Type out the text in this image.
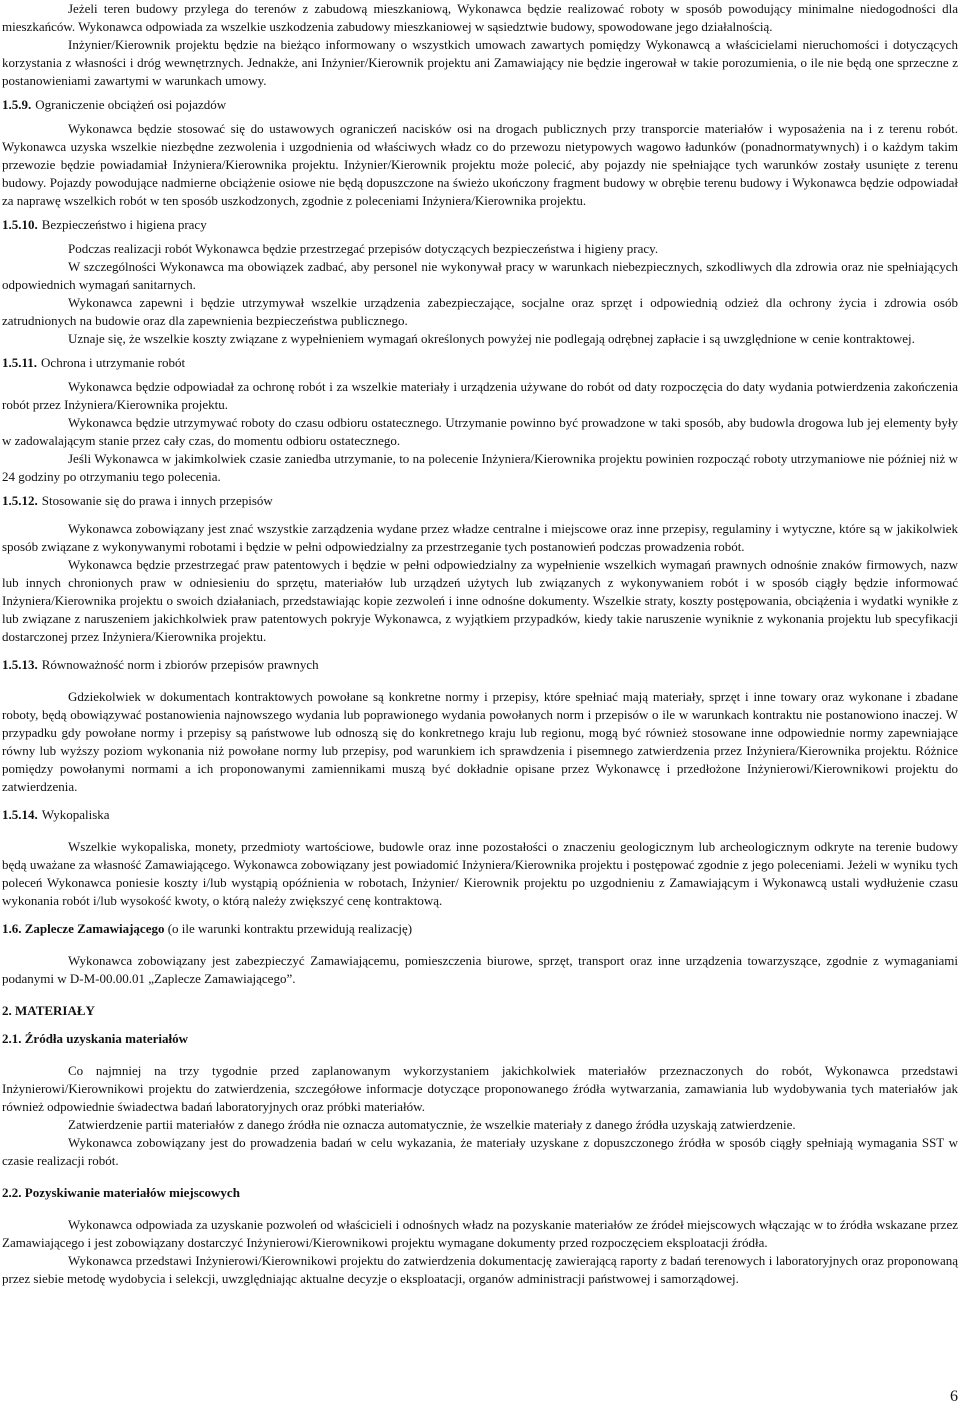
Jeżeli teren budowy przylega do terenów z zabudową mieszkaniową, Wykonawca będzie realizować roboty w sposób powodujący minimalne niedogodności dla mieszkańców. Wykonawca odpowiada za wszelkie uszkodzenia zabudowy mieszkaniowej w sąsiedztwie budowy, spowodowane jego działalnością.

Inżynier/Kierownik projektu będzie na bieżąco informowany o wszystkich umowach zawartych pomiędzy Wykonawcą a właścicielami nieruchomości i dotyczących korzystania z własności i dróg wewnętrznych. Jednakże, ani Inżynier/Kierownik projektu ani Zamawiający nie będzie ingerował w takie porozumienia, o ile nie będą one sprzeczne z postanowieniami zawartymi w warunkach umowy.

1.5.9. Ograniczenie obciążeń osi pojazdów

Wykonawca będzie stosować się do ustawowych ograniczeń nacisków osi na drogach publicznych przy transporcie materiałów i wyposażenia na i z terenu robót. Wykonawca uzyska wszelkie niezbędne zezwolenia i uzgodnienia od właściwych władz co do przewozu nietypowych wagowo ładunków (ponadnormatywnych) i o każdym takim przewozie będzie powiadamiał Inżyniera/Kierownika projektu. Inżynier/Kierownik projektu może polecić, aby pojazdy nie spełniające tych warunków zostały usunięte z terenu budowy. Pojazdy powodujące nadmierne obciążenie osiowe nie będą dopuszczone na świeżo ukończony fragment budowy w obrębie terenu budowy i Wykonawca będzie odpowiadał za naprawę wszelkich robót w ten sposób uszkodzonych, zgodnie z poleceniami Inżyniera/Kierownika projektu.

1.5.10. Bezpieczeństwo i higiena pracy

Podczas realizacji robót Wykonawca będzie przestrzegać przepisów dotyczących bezpieczeństwa i higieny pracy.

W szczególności Wykonawca ma obowiązek zadbać, aby personel nie wykonywał pracy w warunkach niebezpiecznych, szkodliwych dla zdrowia oraz nie spełniających odpowiednich wymagań sanitarnych.

Wykonawca zapewni i będzie utrzymywał wszelkie urządzenia zabezpieczające, socjalne oraz sprzęt i odpowiednią odzież dla ochrony życia i zdrowia osób zatrudnionych na budowie oraz dla zapewnienia bezpieczeństwa publicznego.

Uznaje się, że wszelkie koszty związane z wypełnieniem wymagań określonych powyżej nie podlegają odrębnej zapłacie i są uwzględnione w cenie kontraktowej.

1.5.11. Ochrona i utrzymanie robót

Wykonawca będzie odpowiadał za ochronę robót i za wszelkie materiały i urządzenia używane do robót od daty rozpoczęcia do daty wydania potwierdzenia zakończenia robót przez Inżyniera/Kierownika projektu.

Wykonawca będzie utrzymywać roboty do czasu odbioru ostatecznego. Utrzymanie powinno być prowadzone w taki sposób, aby budowla drogowa lub jej elementy były w zadowalającym stanie przez cały czas, do momentu odbioru ostatecznego.

Jeśli Wykonawca w jakimkolwiek czasie zaniedba utrzymanie, to na polecenie Inżyniera/Kierownika projektu powinien rozpocząć roboty utrzymaniowe nie później niż w 24 godziny po otrzymaniu tego polecenia.

1.5.12. Stosowanie się do prawa i innych przepisów

Wykonawca zobowiązany jest znać wszystkie zarządzenia wydane przez władze centralne i miejscowe oraz inne przepisy, regulaminy i wytyczne, które są w jakikolwiek sposób związane z wykonywanymi robotami i będzie w pełni odpowiedzialny za przestrzeganie tych postanowień podczas prowadzenia robót.

Wykonawca będzie przestrzegać praw patentowych i będzie w pełni odpowiedzialny za wypełnienie wszelkich wymagań prawnych odnośnie znaków firmowych, nazw lub innych chronionych praw w odniesieniu do sprzętu, materiałów lub urządzeń użytych lub związanych z wykonywaniem robót i w sposób ciągły będzie informować Inżyniera/Kierownika projektu o swoich działaniach, przedstawiając kopie zezwoleń i inne odnośne dokumenty. Wszelkie straty, koszty postępowania, obciążenia i wydatki wynikłe z lub związane z naruszeniem jakichkolwiek praw patentowych pokryje Wykonawca, z wyjątkiem przypadków, kiedy takie naruszenie wyniknie z wykonania projektu lub specyfikacji dostarczonej przez Inżyniera/Kierownika projektu.

1.5.13. Równoważność norm i zbiorów przepisów prawnych

Gdziekolwiek w dokumentach kontraktowych powołane są konkretne normy i przepisy, które spełniać mają materiały, sprzęt i inne towary oraz wykonane i zbadane roboty, będą obowiązywać postanowienia najnowszego wydania lub poprawionego wydania powołanych norm i przepisów o ile w warunkach kontraktu nie postanowiono inaczej. W przypadku gdy powołane normy i przepisy są państwowe lub odnoszą się do konkretnego kraju lub regionu, mogą być również stosowane inne odpowiednie normy zapewniające równy lub wyższy poziom wykonania niż powołane normy lub przepisy, pod warunkiem ich sprawdzenia i pisemnego zatwierdzenia przez Inżyniera/Kierownika projektu. Różnice pomiędzy powołanymi normami a ich proponowanymi zamiennikami muszą być dokładnie opisane przez Wykonawcę i przedłożone Inżynierowi/Kierownikowi projektu do zatwierdzenia.

1.5.14. Wykopaliska

Wszelkie wykopaliska, monety, przedmioty wartościowe, budowle oraz inne pozostałości o znaczeniu geologicznym lub archeologicznym odkryte na terenie budowy będą uważane za własność Zamawiającego. Wykonawca zobowiązany jest powiadomić Inżyniera/Kierownika projektu i postępować zgodnie z jego poleceniami. Jeżeli w wyniku tych poleceń Wykonawca poniesie koszty i/lub wystąpią opóźnienia w robotach, Inżynier/ Kierownik projektu po uzgodnieniu z Zamawiającym i Wykonawcą ustali wydłużenie czasu wykonania robót i/lub wysokość kwoty, o którą należy zwiększyć cenę kontraktową.

1.6. Zaplecze Zamawiającego (o ile warunki kontraktu przewidują realizację)

Wykonawca zobowiązany jest zabezpieczyć Zamawiającemu, pomieszczenia biurowe, sprzęt, transport oraz inne urządzenia towarzyszące, zgodnie z wymaganiami podanymi w D-M-00.00.01 „Zaplecze Zamawiającego”.

2. MATERIAŁY

2.1. Źródła uzyskania materiałów

Co najmniej na trzy tygodnie przed zaplanowanym wykorzystaniem jakichkolwiek materiałów przeznaczonych do robót, Wykonawca przedstawi Inżynierowi/Kierownikowi projektu do zatwierdzenia, szczegółowe informacje dotyczące proponowanego źródła wytwarzania, zamawiania lub wydobywania tych materiałów jak również odpowiednie świadectwa badań laboratoryjnych oraz próbki materiałów.

Zatwierdzenie partii materiałów z danego źródła nie oznacza automatycznie, że wszelkie materiały z danego źródła uzyskają zatwierdzenie.

Wykonawca zobowiązany jest do prowadzenia badań w celu wykazania, że materiały uzyskane z dopuszczonego źródła w sposób ciągły spełniają wymagania SST w czasie realizacji robót.

2.2. Pozyskiwanie materiałów miejscowych

Wykonawca odpowiada za uzyskanie pozwoleń od właścicieli i odnośnych władz na pozyskanie materiałów ze źródeł miejscowych włączając w to źródła wskazane przez Zamawiającego i jest zobowiązany dostarczyć Inżynierowi/Kierownikowi projektu wymagane dokumenty przed rozpoczęciem eksploatacji źródła.

Wykonawca przedstawi Inżynierowi/Kierownikowi projektu do zatwierdzenia dokumentację zawierającą raporty z badań terenowych i laboratoryjnych oraz proponowaną przez siebie metodę wydobycia i selekcji, uwzględniając aktualne decyzje o eksploatacji, organów administracji państwowej i samorządowej.

6
